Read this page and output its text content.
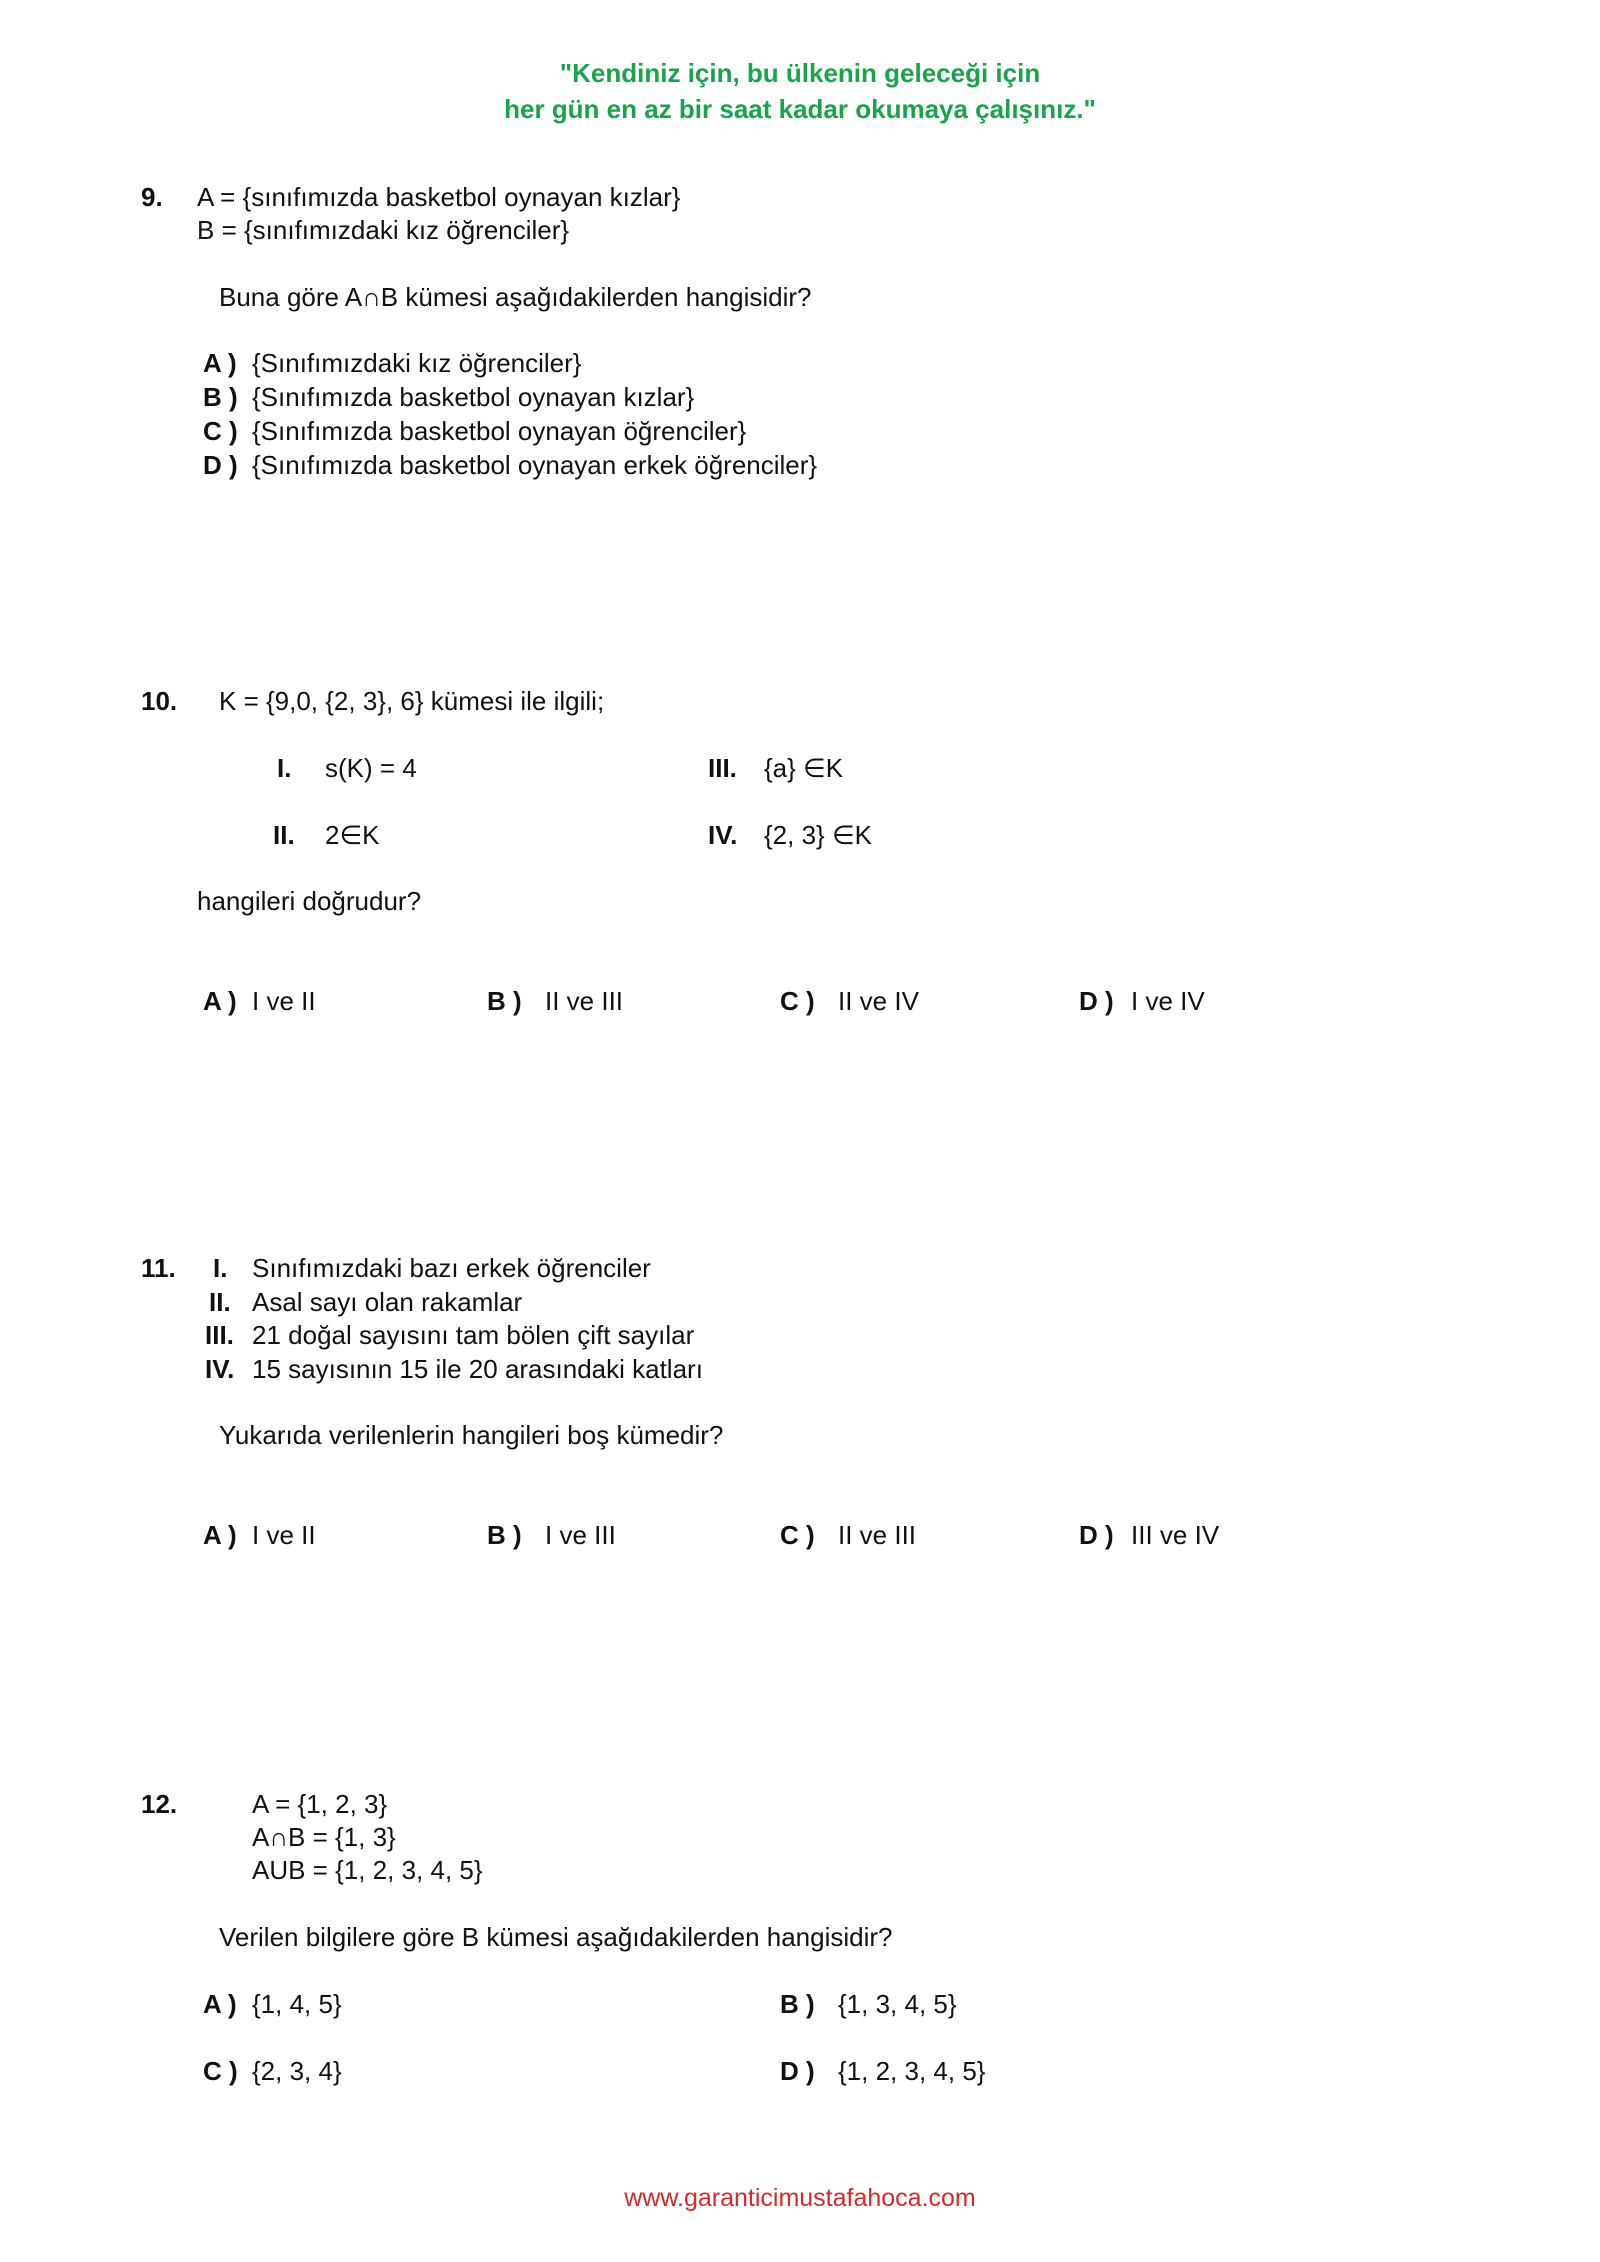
"Kendiniz için, bu ülkenin geleceği için
her gün en az bir saat kadar okumaya çalışınız."
9. A = {sınıfımızda basketbol oynayan kızlar}
B = {sınıfımızdaki kız öğrenciler}
Buna göre A∩B kümesi aşağıdakilerden hangisidir?
A ) {Sınıfımızdaki kız öğrenciler}
B ) {Sınıfımızda basketbol oynayan kızlar}
C ) {Sınıfımızda basketbol oynayan öğrenciler}
D ) {Sınıfımızda basketbol oynayan erkek öğrenciler}
10. K = {9,0, {2, 3}, 6} kümesi ile ilgili;
I. s(K) = 4
II. 2∈K
III. {a} ∈K
IV. {2, 3} ∈K
hangileri doğrudur?
A ) I ve II	B ) II ve III	C ) II ve IV	D ) I ve IV
11. I. Sınıfımızdaki bazı erkek öğrenciler
II. Asal sayı olan rakamlar
III. 21 doğal sayısını tam bölen çift sayılar
IV. 15 sayısının 15 ile 20 arasındaki katları
Yukarıda verilenlerin hangileri boş kümedir?
A ) I ve II	B ) I ve III	C ) II ve III	D ) III ve IV
12.	A = {1, 2, 3}
A∩B = {1, 3}
AUB = {1, 2, 3, 4, 5}
Verilen bilgilere göre B kümesi aşağıdakilerden hangisidir?
A ) {1, 4, 5}	B ) {1, 3, 4, 5}
C ) {2, 3, 4}	D ) {1, 2, 3, 4, 5}
www.garanticimustafahoca.com
